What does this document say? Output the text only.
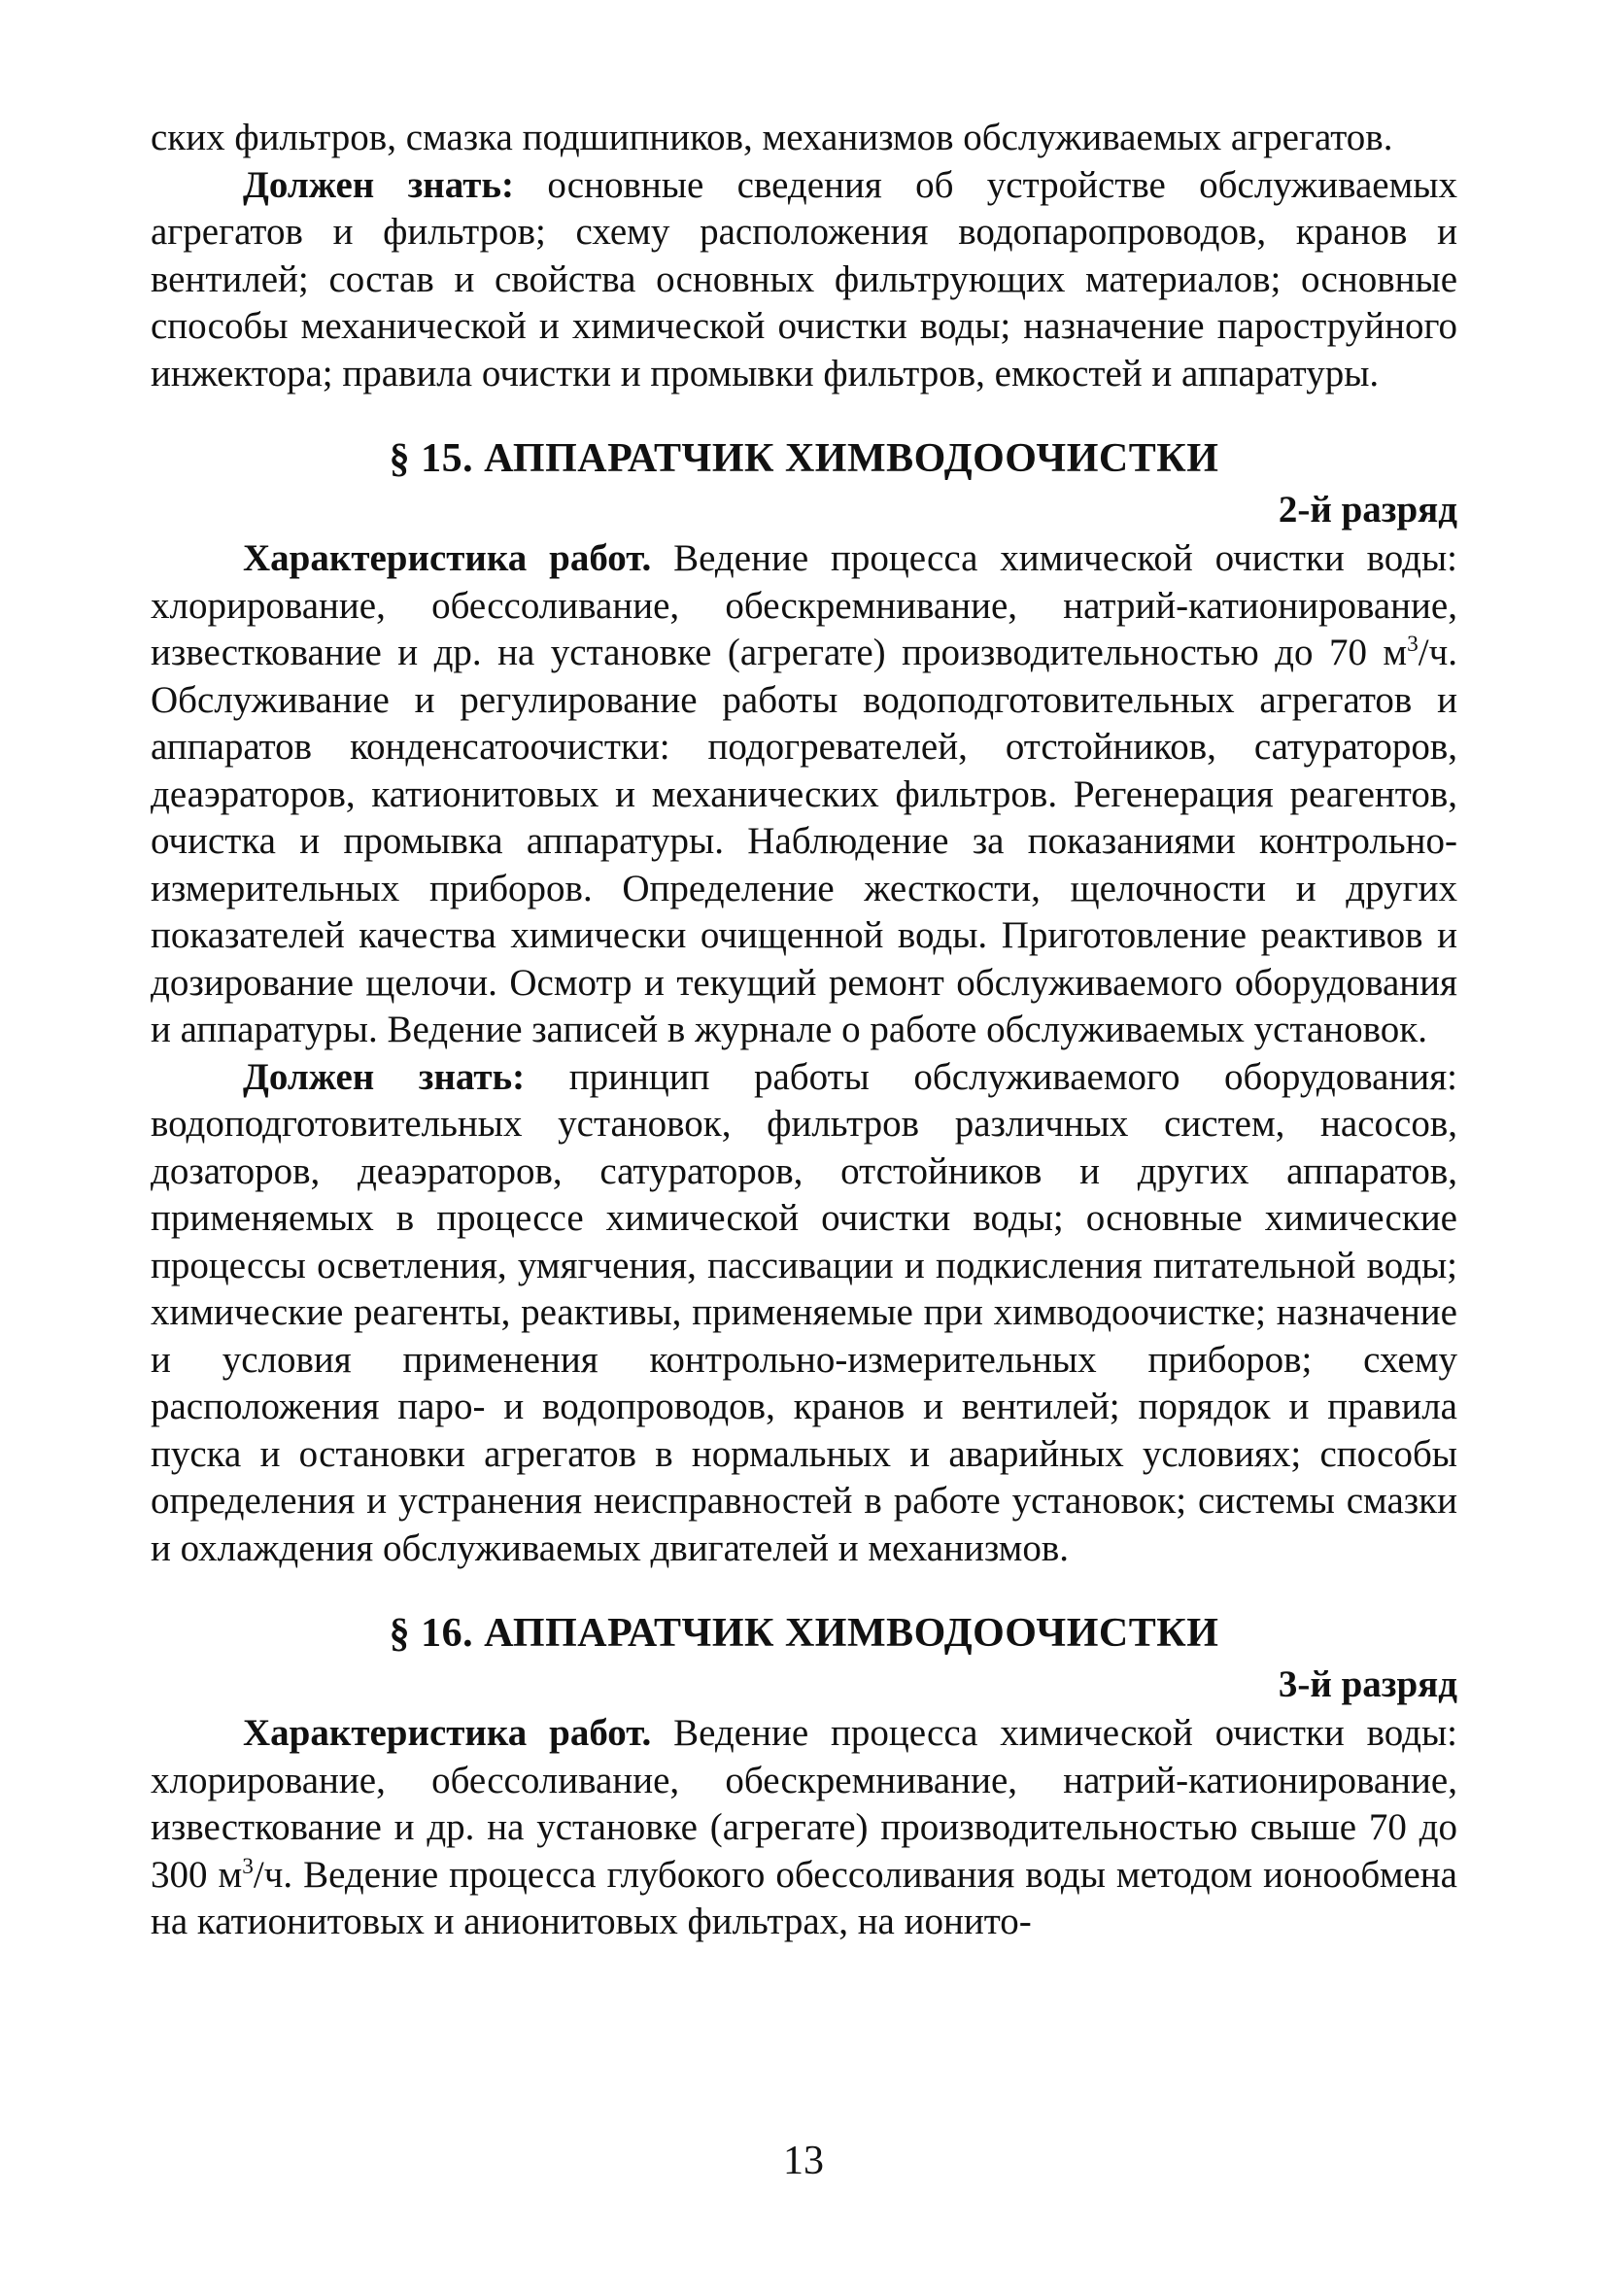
ских фильтров, смазка подшипников, механизмов обслуживаемых агрегатов.

Должен знать: основные сведения об устройстве обслуживаемых агрегатов и фильтров; схему расположения водопаропроводов, кранов и вентилей; состав и свойства основных фильтрующих материалов; основные способы механической и химической очистки воды; назначение пароструйного инжектора; правила очистки и промывки фильтров, емкостей и аппаратуры.

§ 15. АППАРАТЧИК ХИМВОДООЧИСТКИ

2-й разряд

Характеристика работ. Ведение процесса химической очистки воды: хлорирование, обессоливание, обескремнивание, натрий-катионирование, известкование и др. на установке (агрегате) производительностью до 70 $м^3/ч$. Обслуживание и регулирование работы водоподготовительных агрегатов и аппаратов конденсатоочистки: подогревателей, отстойников, сатураторов, деаэраторов, катионитовых и механических фильтров. Регенерация реагентов, очистка и промывка аппаратуры. Наблюдение за показаниями контрольно-измерительных приборов. Определение жесткости, щелочности и других показателей качества химически очищенной воды. Приготовление реактивов и дозирование щелочи. Осмотр и текущий ремонт обслуживаемого оборудования и аппаратуры. Ведение записей в журнале о работе обслуживаемых установок.

Должен знать: принцип работы обслуживаемого оборудования: водоподготовительных установок, фильтров различных систем, насосов, дозаторов, деаэраторов, сатураторов, отстойников и других аппаратов, применяемых в процессе химической очистки воды; основные химические процессы осветления, умягчения, пассивации и подкисления питательной воды; химические реагенты, реактивы, применяемые при химводоочистке; назначение и условия применения контрольно-измерительных приборов; схему расположения паро- и водопроводов, кранов и вентилей; порядок и правила пуска и остановки агрегатов в нормальных и аварийных условиях; способы определения и устранения неисправностей в работе установок; системы смазки и охлаждения обслуживаемых двигателей и механизмов.

§ 16. АППАРАТЧИК ХИМВОДООЧИСТКИ

3-й разряд

Характеристика работ. Ведение процесса химической очистки воды: хлорирование, обессоливание, обескремнивание, натрий-катионирование, известкование и др. на установке (агрегате) производительностью свыше 70 до 300 $м^3/ч$. Ведение процесса глубокого обессоливания воды методом ионообмена на катионитовых и анионитовых фильтрах, на ионито-

13
